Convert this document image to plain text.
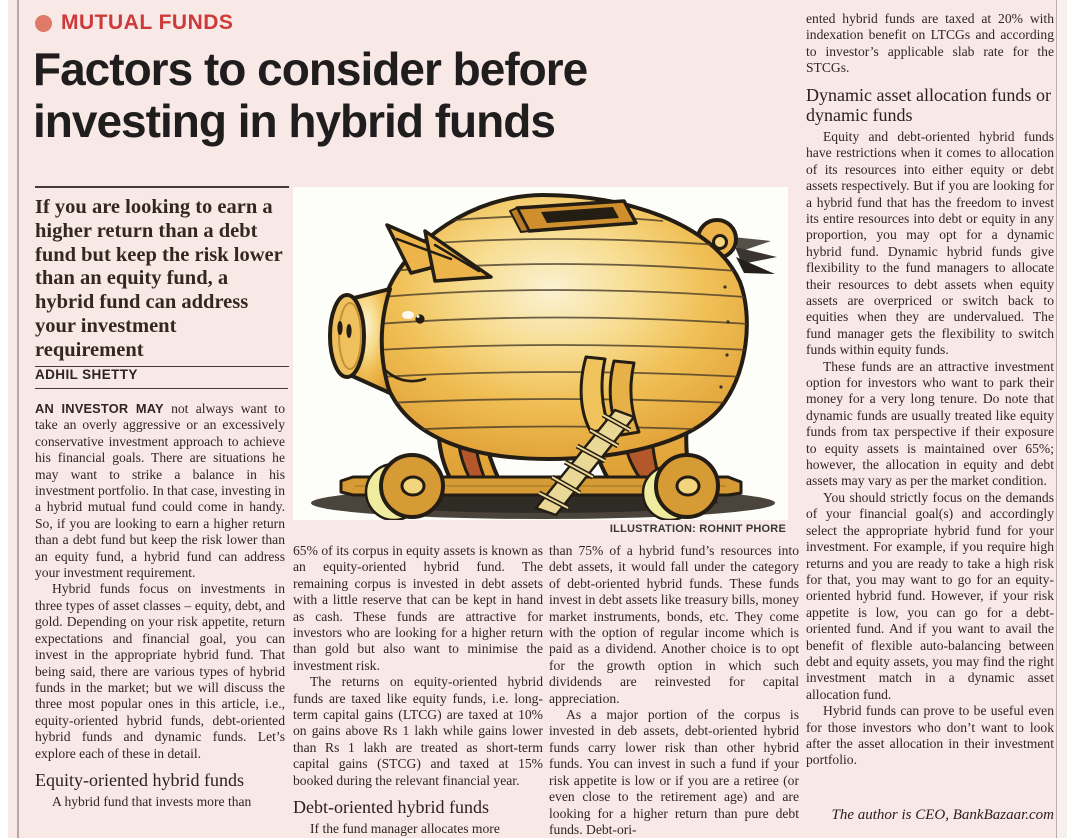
MUTUAL FUNDS
Factors to consider before investing in hybrid funds
If you are looking to earn a higher return than a debt fund but keep the risk lower than an equity fund, a hybrid fund can address your investment requirement
ADHIL SHETTY
ILLUSTRATION: ROHNIT PHORE

AN INVESTOR MAY not always want to take an overly aggressive or an excessively conservative investment approach to achieve his financial goals. There are situations he may want to strike a balance in his investment portfolio. In that case, investing in a hybrid mutual fund could come in handy. So, if you are looking to earn a higher return than a debt fund but keep the risk lower than an equity fund, a hybrid fund can address your investment requirement.

Hybrid funds focus on investments in three types of asset classes – equity, debt, and gold. Depending on your risk appetite, return expectations and financial goal, you can invest in the appropriate hybrid fund. That being said, there are various types of hybrid funds in the market; but we will discuss the three most popular ones in this article, i.e., equity-oriented hybrid funds, debt-oriented hybrid funds and dynamic funds. Let’s explore each of these in detail.

Equity-oriented hybrid funds

A hybrid fund that invests more than

65% of its corpus in equity assets is known as an equity-oriented hybrid fund. The remaining corpus is invested in debt assets with a little reserve that can be kept in hand as cash. These funds are attractive for investors who are looking for a higher return than gold but also want to minimise the investment risk.

The returns on equity-oriented hybrid funds are taxed like equity funds, i.e. long-term capital gains (LTCG) are taxed at 10% on gains above Rs 1 lakh while gains lower than Rs 1 lakh are treated as short-term capital gains (STCG) and taxed at 15% booked during the relevant financial year.

Debt-oriented hybrid funds

If the fund manager allocates more

than 75% of a hybrid fund’s resources into debt assets, it would fall under the category of debt-oriented hybrid funds. These funds invest in debt assets like treasury bills, money market instruments, bonds, etc. They come with the option of regular income which is paid as a dividend. Another choice is to opt for the growth option in which such dividends are reinvested for capital appreciation.

As a major portion of the corpus is invested in deb assets, debt-oriented hybrid funds carry lower risk than other hybrid funds. You can invest in such a fund if your risk appetite is low or if you are a retiree (or even close to the retirement age) and are looking for a higher return than pure debt funds. Debt-ori-

ented hybrid funds are taxed at 20% with indexation benefit on LTCGs and according to investor’s applicable slab rate for the STCGs.

Dynamic asset allocation funds or dynamic funds

Equity and debt-oriented hybrid funds have restrictions when it comes to allocation of its resources into either equity or debt assets respectively. But if you are looking for a hybrid fund that has the freedom to invest its entire resources into debt or equity in any proportion, you may opt for a dynamic hybrid fund. Dynamic hybrid funds give flexibility to the fund managers to allocate their resources to debt assets when equity assets are overpriced or switch back to equities when they are undervalued. The fund manager gets the flexibility to switch funds within equity funds.

These funds are an attractive investment option for investors who want to park their money for a very long tenure. Do note that dynamic funds are usually treated like equity funds from tax perspective if their exposure to equity assets is maintained over 65%; however, the allocation in equity and debt assets may vary as per the market condition.

You should strictly focus on the demands of your financial goal(s) and accordingly select the appropriate hybrid fund for your investment. For example, if you require high returns and you are ready to take a high risk for that, you may want to go for an equity-oriented hybrid fund. However, if your risk appetite is low, you can go for a debt-oriented fund. And if you want to avail the benefit of flexible auto-balancing between debt and equity assets, you may find the right investment match in a dynamic asset allocation fund.

Hybrid funds can prove to be useful even for those investors who don’t want to look after the asset allocation in their investment portfolio.

The author is CEO, BankBazaar.com
